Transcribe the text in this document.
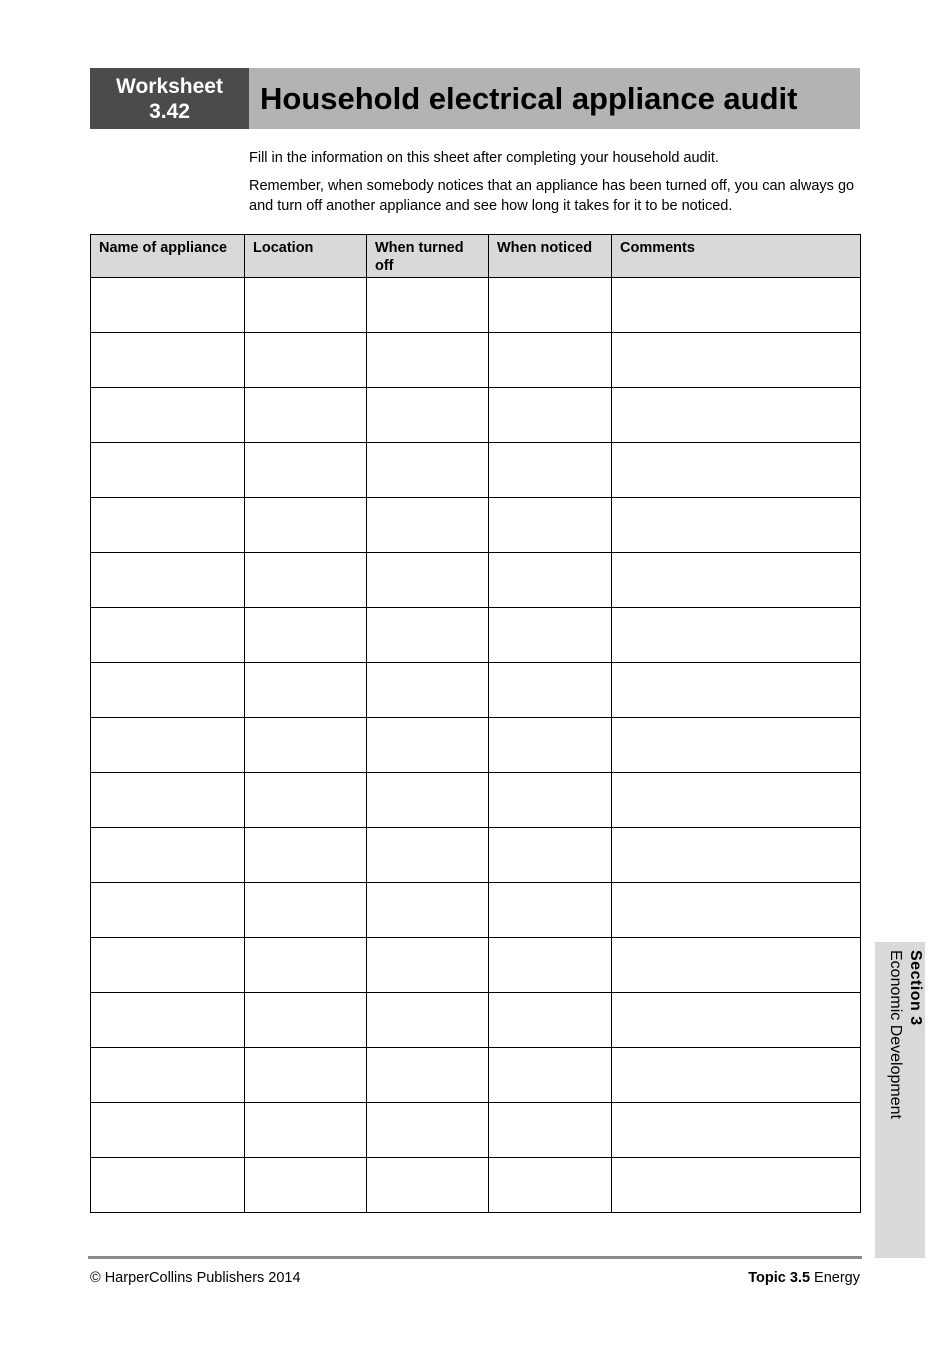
Worksheet
3.42 Household electrical appliance audit

Fill in the information on this sheet after completing your household audit.

Remember, when somebody notices that an appliance has been turned off, you can always go and turn off another appliance and see how long it takes for it to be noticed.

Name of appliance	Location	When turned off	When noticed	Comments

Section 3
Economic Development
© HarperCollins Publishers 2014	Topic 3.5 Energy
